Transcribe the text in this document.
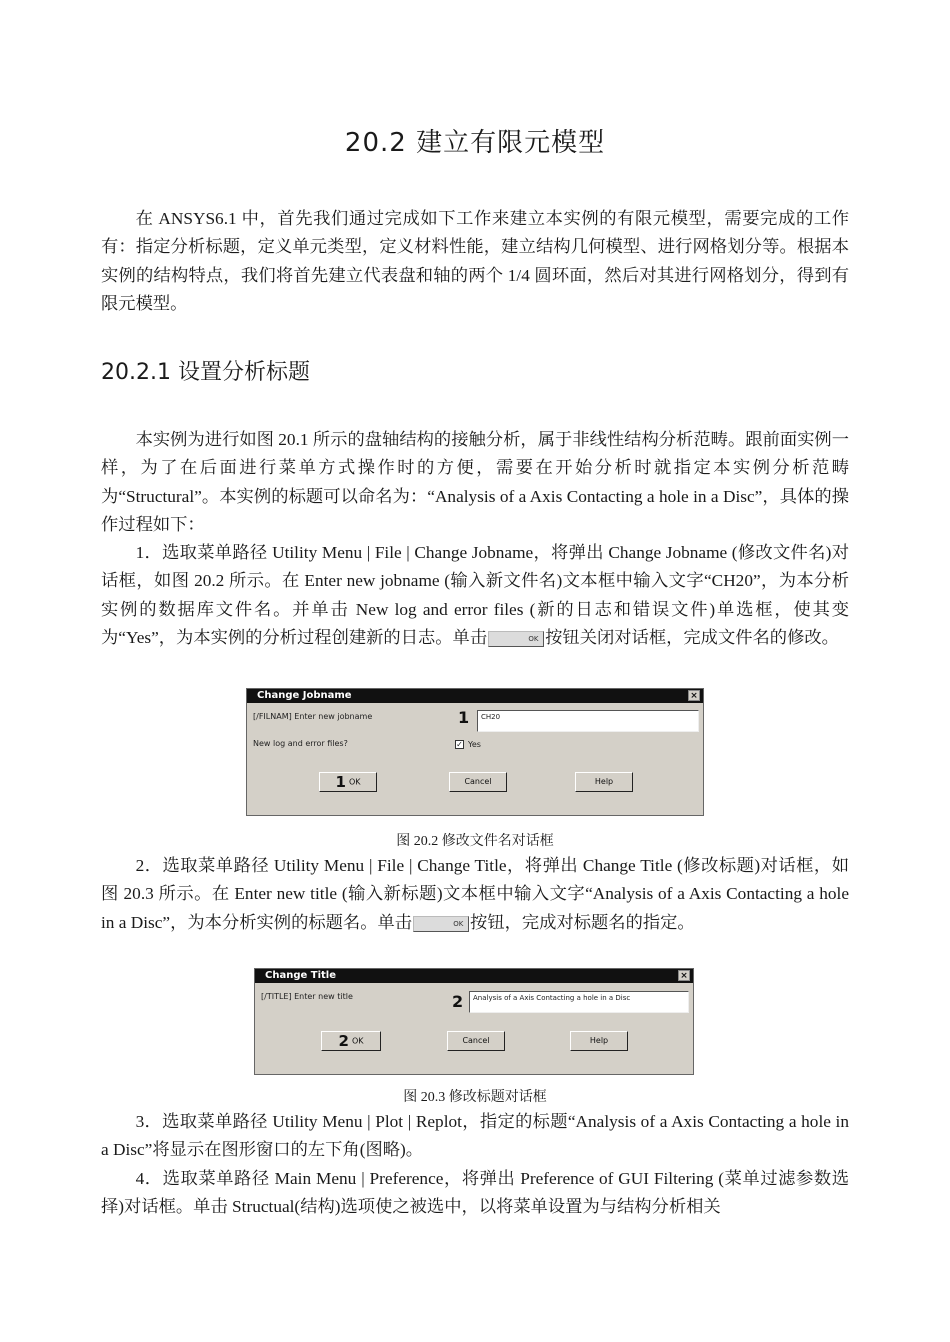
20.2 建立有限元模型

在 ANSYS6.1 中，首先我们通过完成如下工作来建立本实例的有限元模型，需要完成的工作有：指定分析标题，定义单元类型，定义材料性能，建立结构几何模型、进行网格划分等。根据本实例的结构特点，我们将首先建立代表盘和轴的两个 1/4 圆环面，然后对其进行网格划分，得到有限元模型。

20.2.1 设置分析标题

本实例为进行如图 20.1 所示的盘轴结构的接触分析，属于非线性结构分析范畴。跟前面实例一样，为了在后面进行菜单方式操作时的方便，需要在开始分析时就指定本实例分析范畴为“Structural”。本实例的标题可以命名为：“Analysis of a Axis Contacting a hole in a Disc”，具体的操作过程如下：

1．选取菜单路径 Utility Menu | File | Change Jobname，将弹出 Change Jobname (修改文件名)对话框，如图 20.2 所示。在 Enter new jobname (输入新文件名)文本框中输入文字“CH20”，为本分析实例的数据库文件名。并单击 New log and error files (新的日志和错误文件)单选框，使其变为“Yes”，为本实例的分析过程创建新的日志。单击	OK 按钮关闭对话框，完成文件名的修改。

Change Jobname	×
[/FILNAM] Enter new jobname	1	CH20
New log and error files?	✓ Yes
1 OK	Cancel	Help
图 20.2 修改文件名对话框

2．选取菜单路径 Utility Menu | File | Change Title，将弹出 Change Title (修改标题)对话框，如图 20.3 所示。在 Enter new title (输入新标题)文本框中输入文字“Analysis of a Axis Contacting a hole in a Disc”，为本分析实例的标题名。单击	OK 按钮，完成对标题名的指定。

Change Title	×
[/TITLE] Enter new title	2	Analysis of a Axis Contacting a hole in a Disc
2 OK	Cancel	Help
图 20.3 修改标题对话框

3．选取菜单路径 Utility Menu | Plot | Replot，指定的标题“Analysis of a Axis Contacting a hole in a Disc”将显示在图形窗口的左下角(图略)。

4．选取菜单路径 Main Menu | Preference，将弹出 Preference of GUI Filtering (菜单过滤参数选择)对话框。单击 Structual(结构)选项使之被选中，以将菜单设置为与结构分析相关
